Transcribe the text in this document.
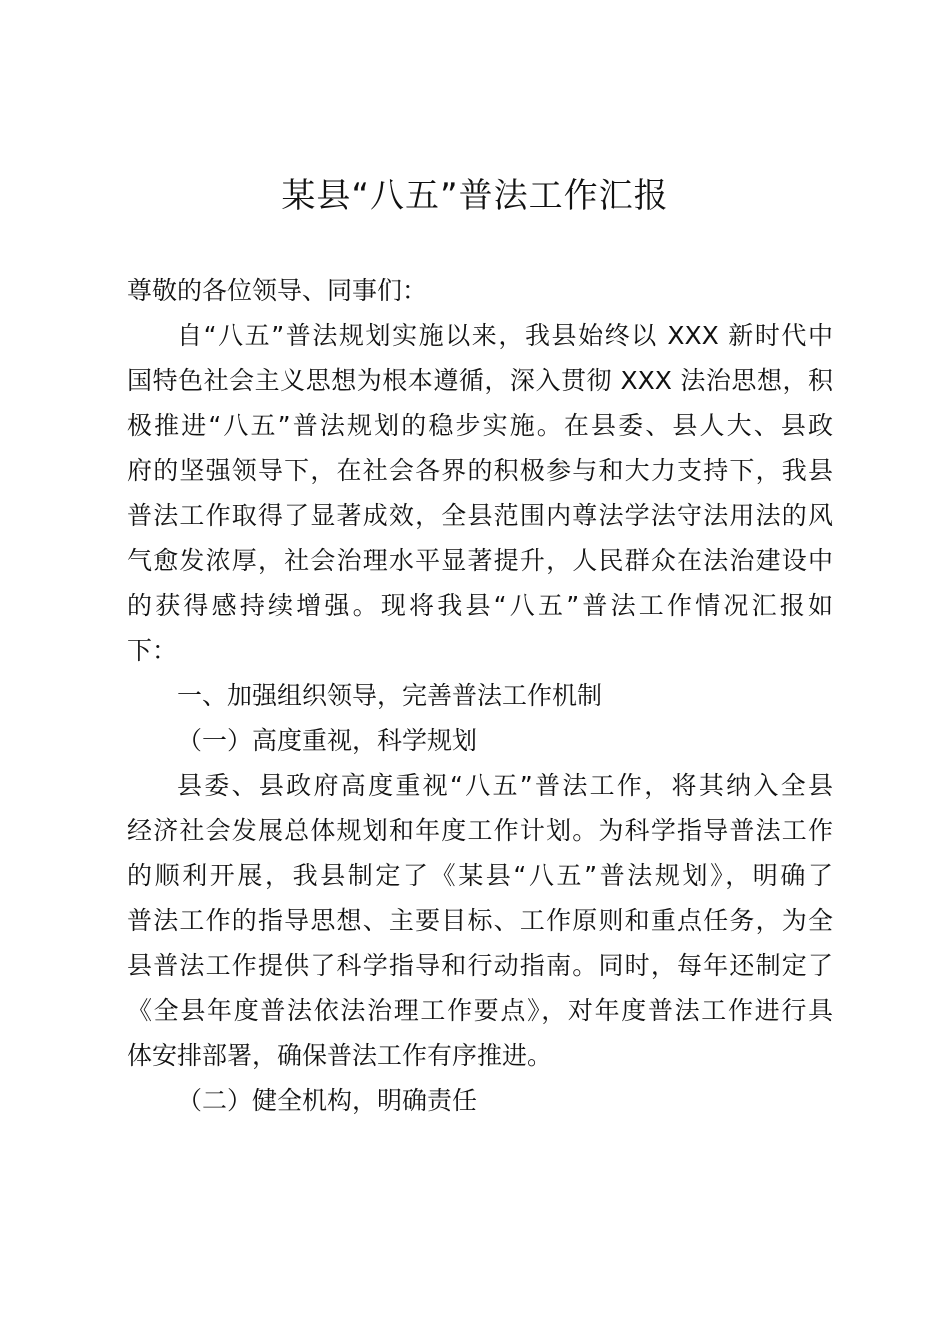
某县“八五”普法工作汇报

尊敬的各位领导、同事们：

自“八五”普法规划实施以来，我县始终以 XXX 新时代中
国特色社会主义思想为根本遵循，深入贯彻 XXX 法治思想，积
极推进“八五”普法规划的稳步实施。在县委、县人大、县政
府的坚强领导下，在社会各界的积极参与和大力支持下，我县
普法工作取得了显著成效，全县范围内尊法学法守法用法的风
气愈发浓厚，社会治理水平显著提升，人民群众在法治建设中
的获得感持续增强。现将我县“八五”普法工作情况汇报如
下：

一、加强组织领导，完善普法工作机制

（一）高度重视，科学规划

县委、县政府高度重视“八五”普法工作，将其纳入全县
经济社会发展总体规划和年度工作计划。为科学指导普法工作
的顺利开展，我县制定了《某县“八五”普法规划》，明确了
普法工作的指导思想、主要目标、工作原则和重点任务，为全
县普法工作提供了科学指导和行动指南。同时，每年还制定了
《全县年度普法依法治理工作要点》，对年度普法工作进行具
体安排部署，确保普法工作有序推进。

（二）健全机构，明确责任
